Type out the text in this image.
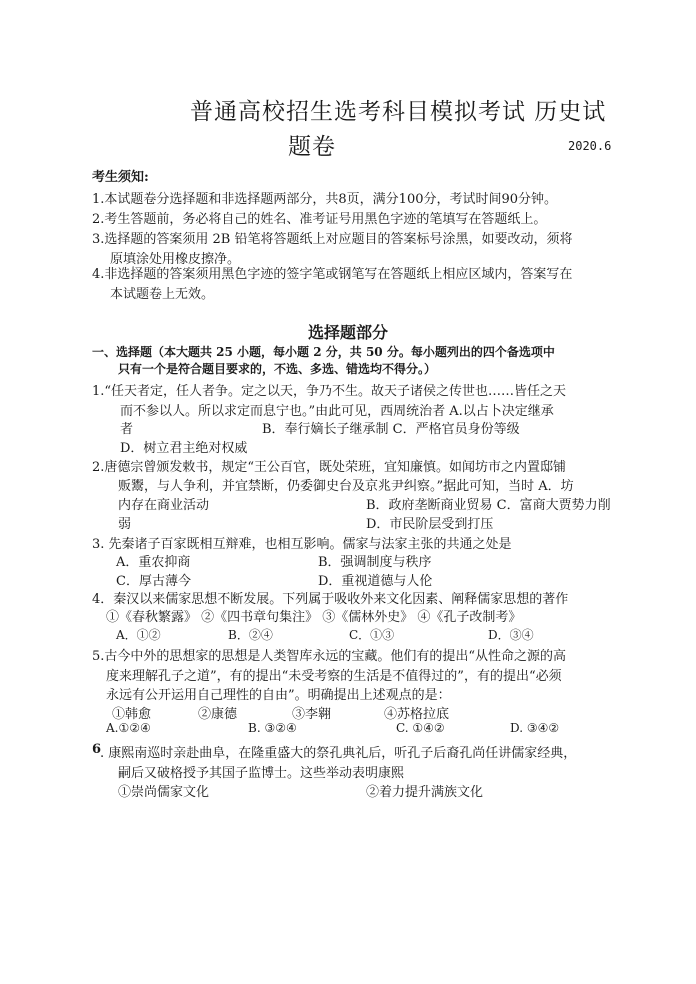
普通高校招生选考科目模拟考试 历史试
题卷	2020.6
考生须知:
1.本试题卷分选择题和非选择题两部分，共8页，满分100分，考试时间90分钟。
2.考生答题前，务必将自己的姓名、准考证号用黑色字迹的笔填写在答题纸上。
3.选择题的答案须用 2B 铅笔将答题纸上对应题目的答案标号涂黑，如要改动，须将
原填涂处用橡皮擦净。
4.非选择题的答案须用黑色字迹的签字笔或钢笔写在答题纸上相应区域内，答案写在
本试题卷上无效。
选择题部分
一、选择题（本大题共 25 小题，每小题 2 分，共 50 分。每小题列出的四个备选项中
只有一个是符合题目要求的，不选、多选、错选均不得分。）
1.“任天者定，任人者争。定之以天，争乃不生。故天子诸侯之传世也……皆任之天
而不参以人。所以求定而息宁也。”由此可见，西周统治者 A.以占卜决定继承
者	B．奉行嫡长子继承制 C．严格官员身份等级
D．树立君主绝对权威
2.唐德宗曾颁发敕书，规定“王公百官，既处荣班，宜知廉慎。如闻坊市之内置邸铺
贩鬻，与人争利，并宜禁断，仍委御史台及京兆尹纠察。”据此可知，当时 A．坊
内存在商业活动	B．政府垄断商业贸易 C．富商大贾势力削
弱	D．市民阶层受到打压
3. 先秦诸子百家既相互辩难，也相互影响。儒家与法家主张的共通之处是
A．重农抑商	B．强调制度与秩序
C．厚古薄今	D．重视道德与人伦
4．秦汉以来儒家思想不断发展。下列属于吸收外来文化因素、阐释儒家思想的著作
①《春秋繁露》 ②《四书章句集注》 ③《儒林外史》 ④《孔子改制考》
A．①②	B．②④	C．①③	D．③④
5.古今中外的思想家的思想是人类智库永远的宝藏。他们有的提出“从性命之源的高
度来理解孔子之道”，有的提出“未受考察的生活是不值得过的”，有的提出“必须
永远有公开运用自己理性的自由”。明确提出上述观点的是：
①韩愈	②康德	③李翱	④苏格拉底
A.①②④	B. ③②④	C. ①④②	D. ③④②
6
. 康熙南巡时亲赴曲阜，在隆重盛大的祭孔典礼后，听孔子后裔孔尚任讲儒家经典，
嗣后又破格授予其国子监博士。这些举动表明康熙
①崇尚儒家文化	②着力提升满族文化
